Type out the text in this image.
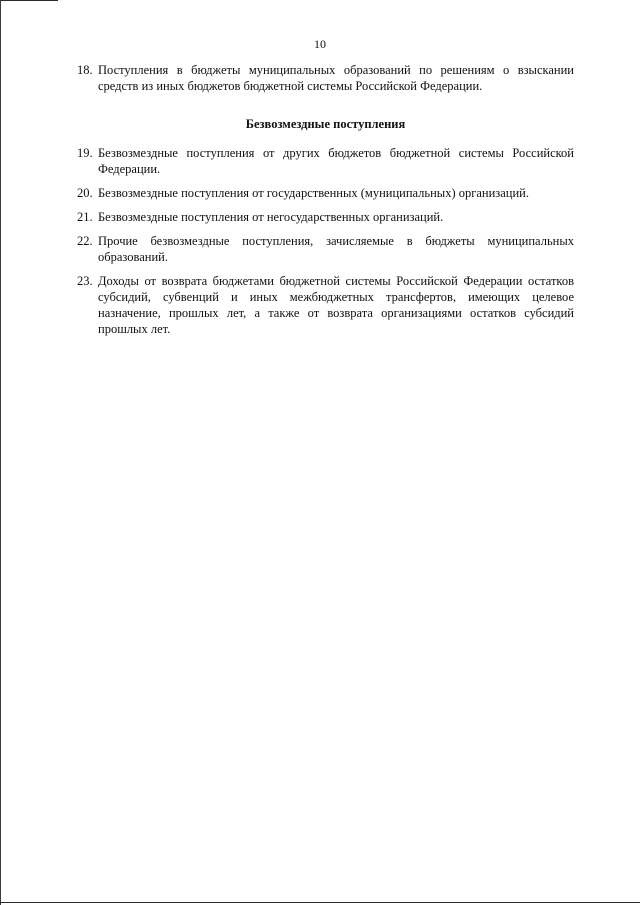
10
18. Поступления в бюджеты муниципальных образований по решениям о взыскании средств из иных бюджетов бюджетной системы Российской Федерации.
Безвозмездные поступления
19. Безвозмездные поступления от других бюджетов бюджетной системы Российской Федерации.
20. Безвозмездные поступления от государственных (муниципальных) организаций.
21. Безвозмездные поступления от негосударственных организаций.
22. Прочие безвозмездные поступления, зачисляемые в бюджеты муниципальных образований.
23. Доходы от возврата бюджетами бюджетной системы Российской Федерации остатков субсидий, субвенций и иных межбюджетных трансфертов, имеющих целевое назначение, прошлых лет, а также от возврата организациями остатков субсидий прошлых лет.
